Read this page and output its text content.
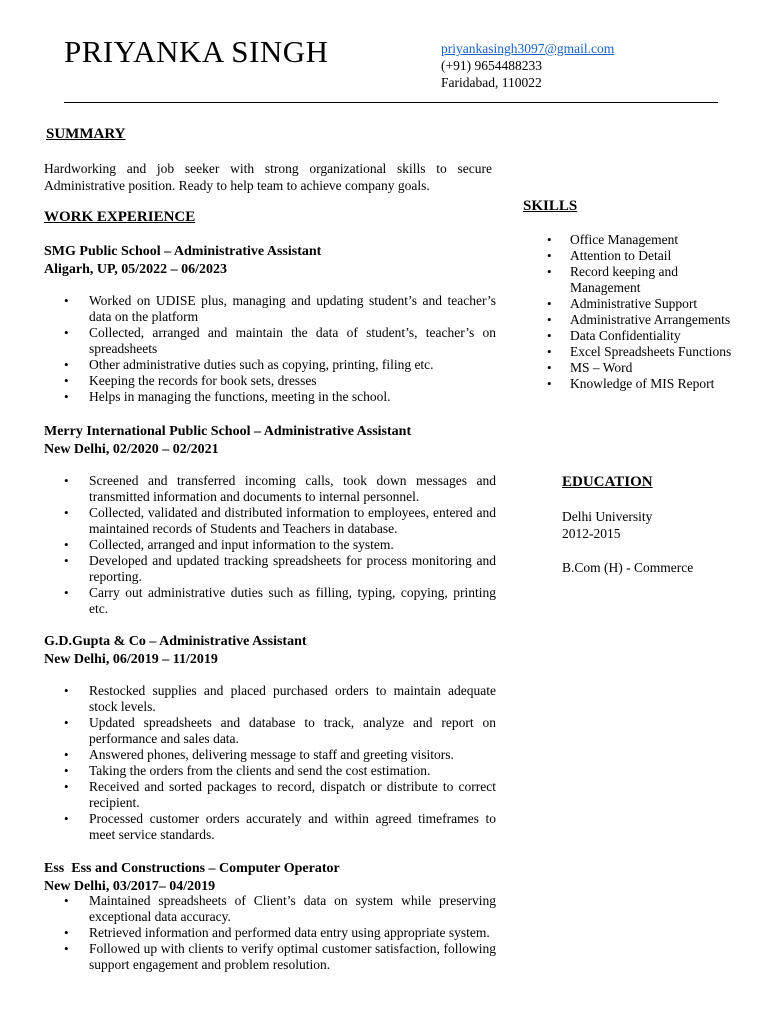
PRIYANKA SINGH	priyankasingh3097@gmail.com
(+91) 9654488233
Faridabad, 110022
SUMMARY
Hardworking and job seeker with strong organizational skills to secure Administrative position. Ready to help team to achieve company goals.
WORK EXPERIENCE
SMG Public School – Administrative Assistant
Aligarh, UP, 05/2022 – 06/2023
• Worked on UDISE plus, managing and updating student’s and teacher’s data on the platform
• Collected, arranged and maintain the data of student’s, teacher’s on spreadsheets
• Other administrative duties such as copying, printing, filing etc.
• Keeping the records for book sets, dresses
• Helps in managing the functions, meeting in the school.
Merry International Public School – Administrative Assistant
New Delhi, 02/2020 – 02/2021
• Screened and transferred incoming calls, took down messages and transmitted information and documents to internal personnel.
• Collected, validated and distributed information to employees, entered and maintained records of Students and Teachers in database.
• Collected, arranged and input information to the system.
• Developed and updated tracking spreadsheets for process monitoring and reporting.
• Carry out administrative duties such as filling, typing, copying, printing etc.
G.D.Gupta & Co – Administrative Assistant
New Delhi, 06/2019 – 11/2019
• Restocked supplies and placed purchased orders to maintain adequate stock levels.
• Updated spreadsheets and database to track, analyze and report on performance and sales data.
• Answered phones, delivering message to staff and greeting visitors.
• Taking the orders from the clients and send the cost estimation.
• Received and sorted packages to record, dispatch or distribute to correct recipient.
• Processed customer orders accurately and within agreed timeframes to meet service standards.
Ess  Ess and Constructions – Computer Operator
New Delhi, 03/2017– 04/2019
• Maintained spreadsheets of Client’s data on system while preserving exceptional data accuracy.
• Retrieved information and performed data entry using appropriate system.
• Followed up with clients to verify optimal customer satisfaction, following support engagement and problem resolution.
SKILLS
• Office Management
• Attention to Detail
• Record keeping and Management
• Administrative Support
• Administrative Arrangements
• Data Confidentiality
• Excel Spreadsheets Functions
• MS – Word
• Knowledge of MIS Report
EDUCATION
Delhi University
2012-2015
B.Com (H) - Commerce
